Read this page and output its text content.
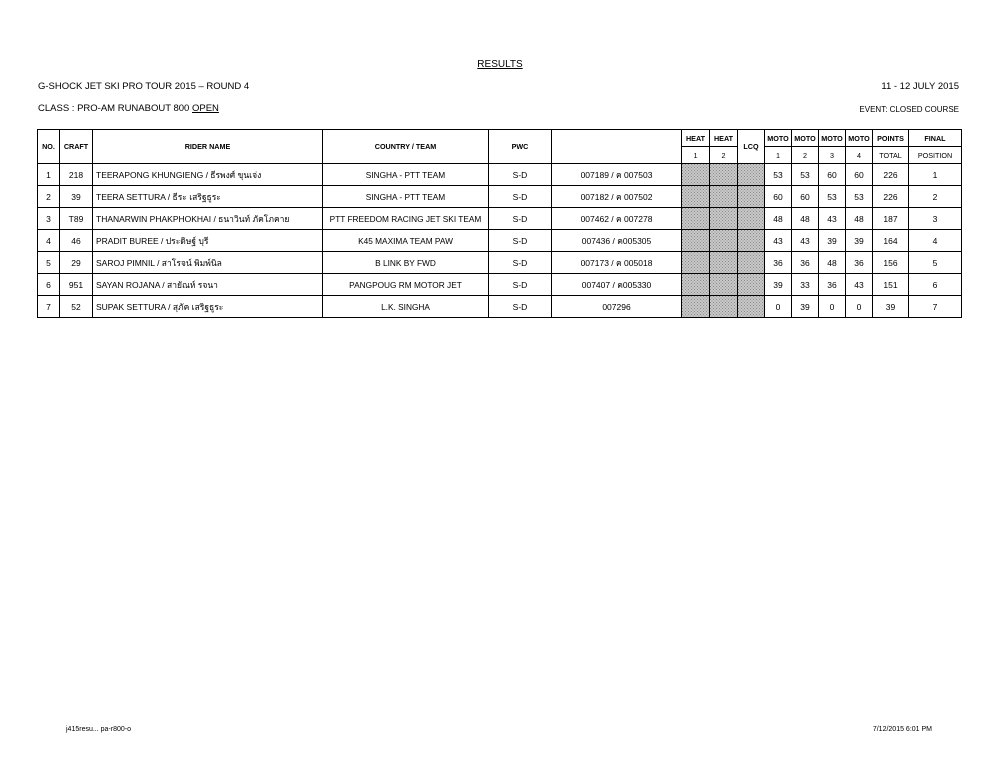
RESULTS
G-SHOCK JET SKI PRO TOUR 2015 – ROUND 4	11 - 12 JULY 2015
CLASS : PRO-AM RUNABOUT 800 OPEN	EVENT: CLOSED COURSE
NO.	CRAFT	RIDER NAME	COUNTRY / TEAM	PWC		HEAT	HEAT	LCQ	MOTO	MOTO	MOTO	MOTO	POINTS	FINAL
						1	2		1	2	3	4	TOTAL	POSITION
1	218	TEERAPONG KHUNGIENG / ธีรพงศ์ ขุนเจ่ง	SINGHA - PTT TEAM	S-D	007189 / ค 007503				53	53	60	60	226	1
2	39	TEERA SETTURA / ธีระ เสริฐธูระ	SINGHA - PTT TEAM	S-D	007182 / ค 007502				60	60	53	53	226	2
3	T89	THANARWIN PHAKPHOKHAI / ธนาวินท์ ภัคโภคาย	PTT FREEDOM RACING JET SKI TEAM	S-D	007462 / ค 007278				48	48	43	48	187	3
4	46	PRADIT BUREE / ประดิษฐ์ บุรี	K45 MAXIMA TEAM PAW	S-D	007436 / ค005305				43	43	39	39	164	4
5	29	SAROJ PIMNIL / สาโรจน์ พิมพ์นิล	B LINK BY FWD	S-D	007173 / ค 005018				36	36	48	36	156	5
6	951	SAYAN ROJANA / สายัณห์ รจนา	PANGPOUG RM MOTOR JET	S-D	007407 / ค005330				39	33	36	43	151	6
7	52	SUPAK SETTURA / สุภัค เสริฐธูระ	L.K. SINGHA	S-D	007296				0	39	0	0	39	7
j415resu... pa-r800-o	7/12/2015 6:01 PM
